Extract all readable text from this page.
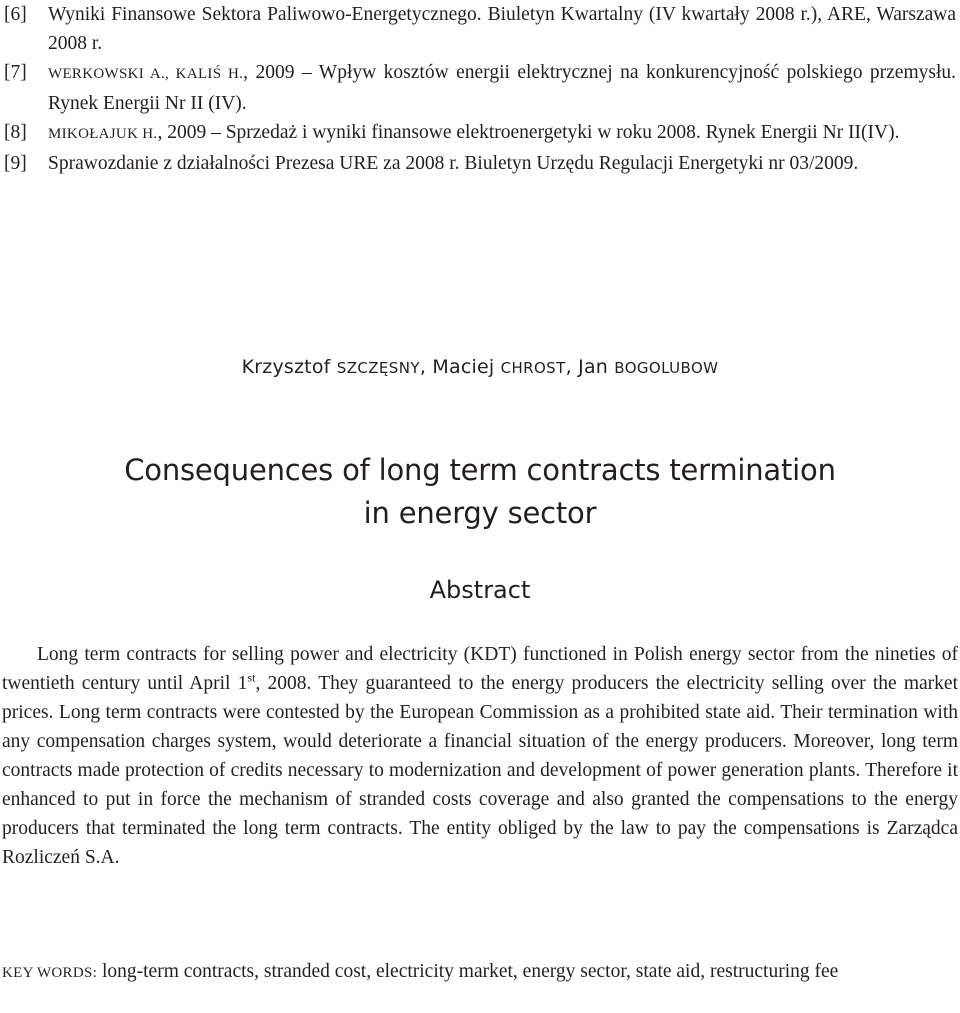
[6] Wyniki Finansowe Sektora Paliwowo-Energetycznego. Biuletyn Kwartalny (IV kwartały 2008 r.), ARE, Warszawa 2008 r.
[7] WERKOWSKI A., KALIŚ H., 2009 – Wpływ kosztów energii elektrycznej na konkurencyjność polskiego przemysłu. Rynek Energii Nr II (IV).
[8] MIKOŁAJUK H., 2009 – Sprzedaż i wyniki finansowe elektroenergetyki w roku 2008. Rynek Energii Nr II(IV).
[9] Sprawozdanie z działalności Prezesa URE za 2008 r. Biuletyn Urzędu Regulacji Energetyki nr 03/2009.
Krzysztof SZCZĘSNY, Maciej CHROST, Jan BOGOLUBOW
Consequences of long term contracts termination
in energy sector
Abstract
Long term contracts for selling power and electricity (KDT) functioned in Polish energy sector from the nineties of twentieth century until April 1st, 2008. They guaranteed to the energy producers the electricity selling over the market prices. Long term contracts were contested by the European Commission as a prohibited state aid. Their termination with any compensation charges system, would deteriorate a financial situation of the energy producers. Moreover, long term contracts made protection of credits necessary to modernization and development of power generation plants. Therefore it enhanced to put in force the mechanism of stranded costs coverage and also granted the compensations to the energy producers that terminated the long term contracts. The entity obliged by the law to pay the compensations is Zarządca Rozliczeń S.A.
KEY WORDS: long-term contracts, stranded cost, electricity market, energy sector, state aid, restructuring fee
